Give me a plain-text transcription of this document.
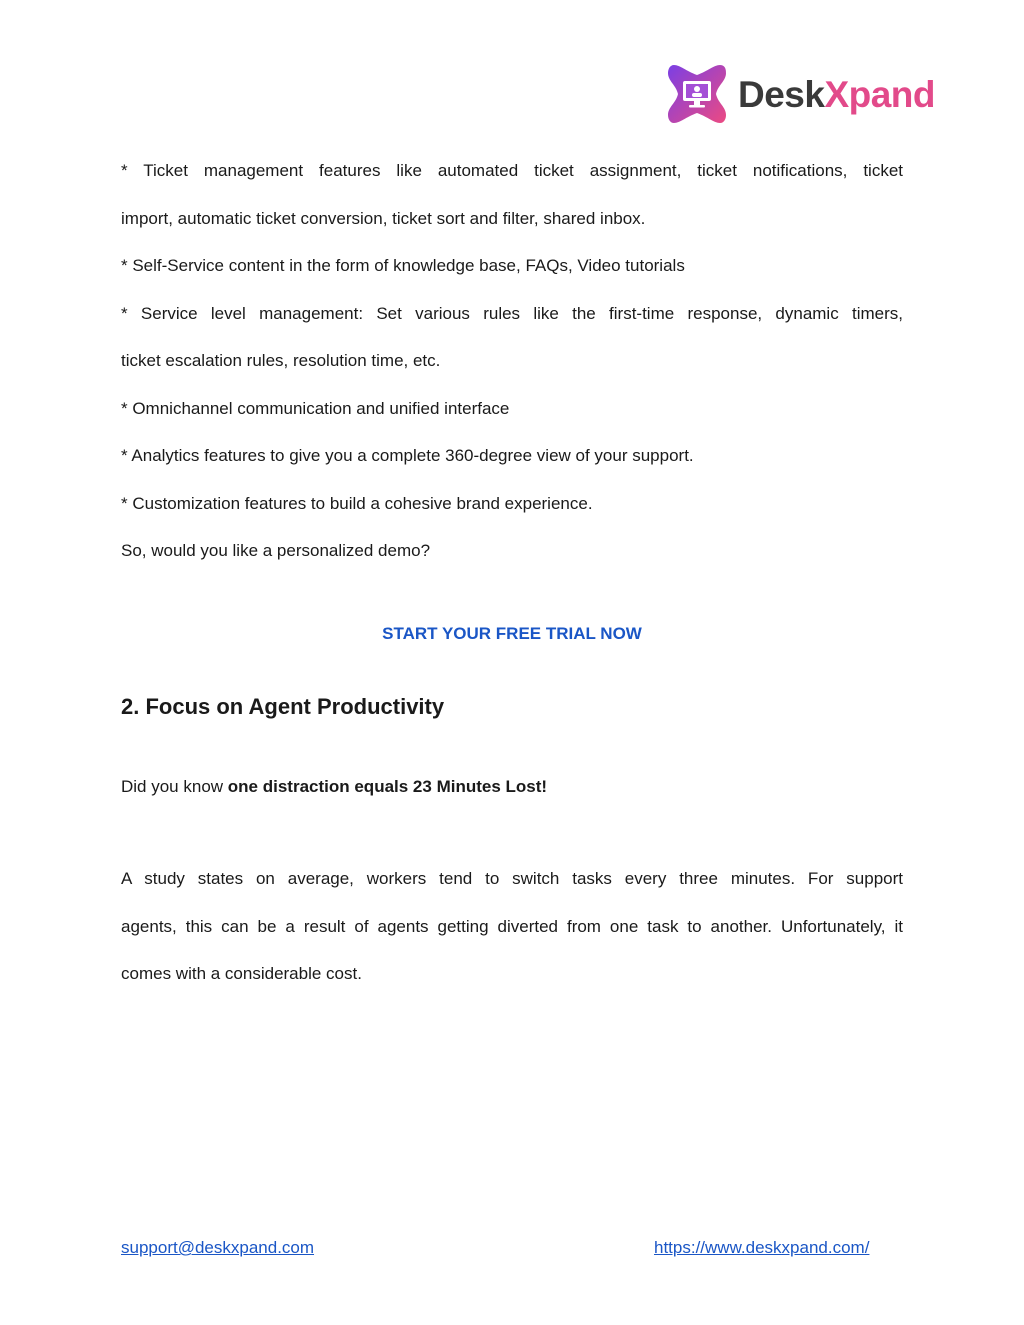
DeskXpand

* Ticket management features like automated ticket assignment, ticket notifications, ticket

import, automatic ticket conversion, ticket sort and filter, shared inbox.

* Self-Service content in the form of knowledge base, FAQs, Video tutorials

* Service level management: Set various rules like the first-time response, dynamic timers,

ticket escalation rules, resolution time, etc.

* Omnichannel communication and unified interface

* Analytics features to give you a complete 360-degree view of your support.

* Customization features to build a cohesive brand experience.

So, would you like a personalized demo?

START YOUR FREE TRIAL NOW
2. Focus on Agent Productivity

Did you know one distraction equals 23 Minutes Lost!

A study states on average, workers tend to switch tasks every three minutes. For support

agents, this can be a result of agents getting diverted from one task to another. Unfortunately, it

comes with a considerable cost.

support@deskxpand.com	https://www.deskxpand.com/
